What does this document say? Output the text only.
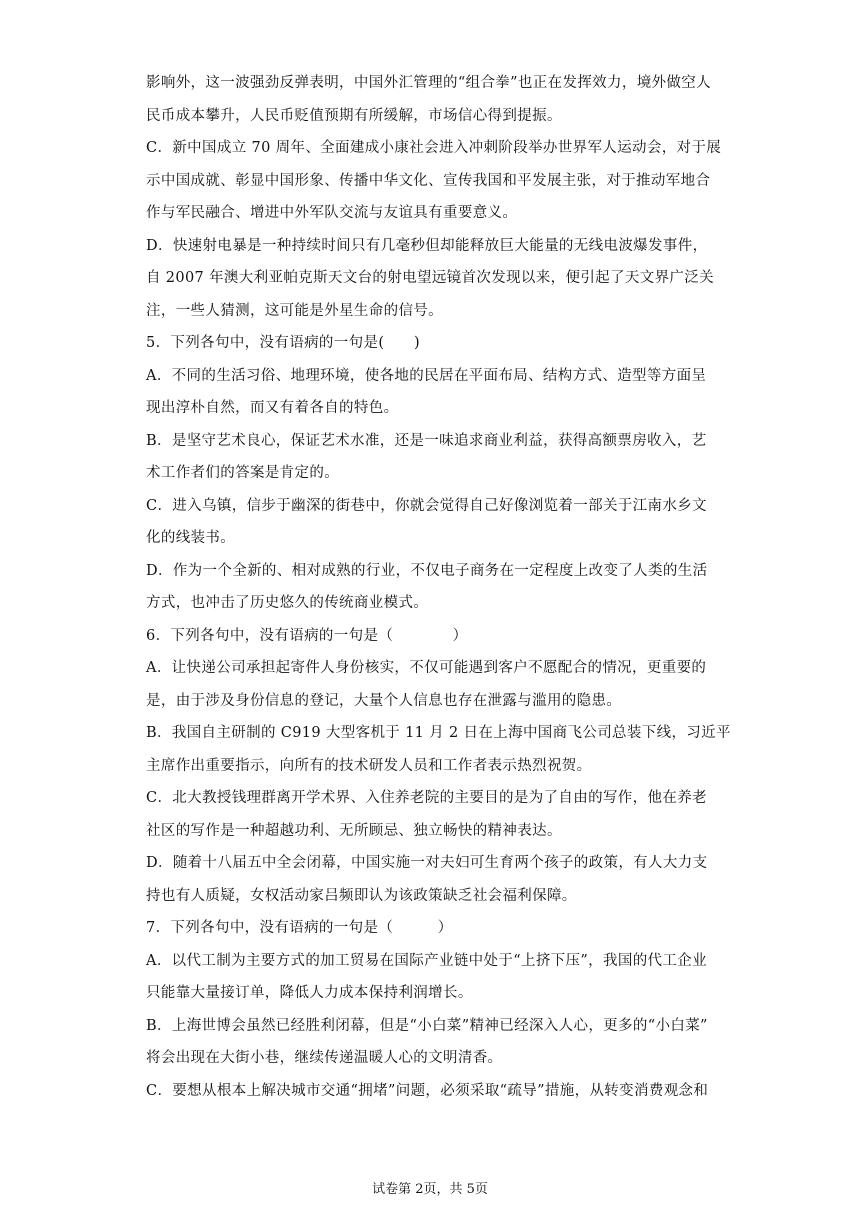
影响外，这一波强劲反弹表明，中国外汇管理的“组合拳”也正在发挥效力，境外做空人
民币成本攀升，人民币贬值预期有所缓解，市场信心得到提振。
C．新中国成立 70 周年、全面建成小康社会进入冲刺阶段举办世界军人运动会，对于展
示中国成就、彰显中国形象、传播中华文化、宣传我国和平发展主张，对于推动军地合
作与军民融合、增进中外军队交流与友谊具有重要意义。
D．快速射电暴是一种持续时间只有几毫秒但却能释放巨大能量的无线电波爆发事件，
自 2007 年澳大利亚帕克斯天文台的射电望远镜首次发现以来，便引起了天文界广泛关
注，一些人猜测，这可能是外星生命的信号。
5．下列各句中，没有语病的一句是(　　)
A．不同的生活习俗、地理环境，使各地的民居在平面布局、结构方式、造型等方面呈
现出淳朴自然，而又有着各自的特色。
B．是坚守艺术良心，保证艺术水准，还是一味追求商业利益，获得高额票房收入，艺
术工作者们的答案是肯定的。
C．进入乌镇，信步于幽深的街巷中，你就会觉得自己好像浏览着一部关于江南水乡文
化的线装书。
D．作为一个全新的、相对成熟的行业，不仅电子商务在一定程度上改变了人类的生活
方式，也冲击了历史悠久的传统商业模式。
6．下列各句中，没有语病的一句是（　　　　）
A．让快递公司承担起寄件人身份核实，不仅可能遇到客户不愿配合的情况，更重要的
是，由于涉及身份信息的登记，大量个人信息也存在泄露与滥用的隐患。
B．我国自主研制的 C919 大型客机于 11 月 2 日在上海中国商飞公司总装下线，习近平
主席作出重要指示，向所有的技术研发人员和工作者表示热烈祝贺。
C．北大教授钱理群离开学术界、入住养老院的主要目的是为了自由的写作，他在养老
社区的写作是一种超越功利、无所顾忌、独立畅快的精神表达。
D．随着十八届五中全会闭幕，中国实施一对夫妇可生育两个孩子的政策，有人大力支
持也有人质疑，女权活动家吕频即认为该政策缺乏社会福利保障。
7．下列各句中，没有语病的一句是（　　　）
A．以代工制为主要方式的加工贸易在国际产业链中处于“上挤下压”，我国的代工企业
只能靠大量接订单，降低人力成本保持利润增长。
B．上海世博会虽然已经胜利闭幕，但是“小白菜”精神已经深入人心，更多的“小白菜”
将会出现在大街小巷，继续传递温暖人心的文明清香。
C．要想从根本上解决城市交通“拥堵”问题，必须采取“疏导”措施，从转变消费观念和
试卷第 2页，共 5页
